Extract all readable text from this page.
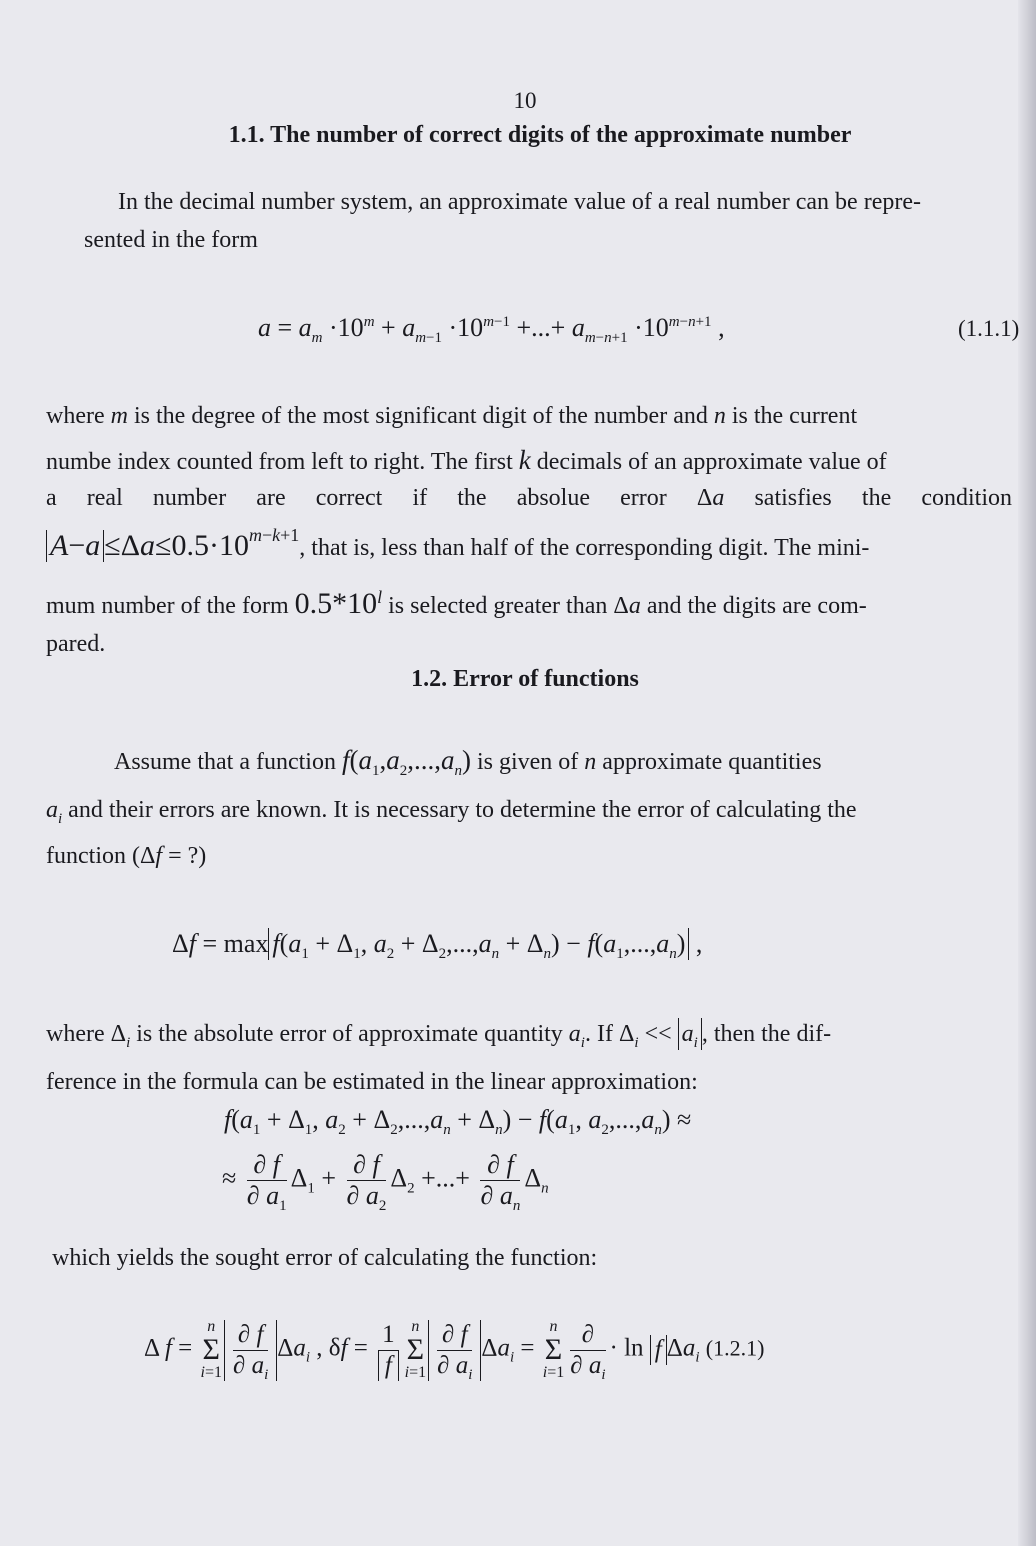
10
1.1. The number of correct digits of the approximate number
In the decimal number system, an approximate value of a real number can be repre-
sented in the form
$a = a_m \cdot 10^m + a_{m-1} \cdot 10^{m-1}$ +...+ $a_{m-n+1} \cdot 10^{m-n+1}$ ,	(1.1.1)
where m is the degree of the most significant digit of the number and n is the current
numbe index counted from left to right. The first k decimals of an approximate value of
a real number are correct if the absolue error Δa satisfies the condition
$A-a \le\Delta a\le 0.5\cdot 10^{m-k+1}$, that is, less than half of the corresponding digit. The mini-
mum number of the form 0.5*10$^l$ is selected greater than Δa and the digits are com-
pared.
1.2. Error of functions
Assume that a function $f(a_1,a_2,...,a_n)$ is given of n approximate quantities
$a_i$ and their errors are known. It is necessary to determine the error of calculating the
function (Δf = ?)
$\Delta f = \max f(a_1 + \Delta_1$, $a_2 + \Delta_2,...,a_n + \Delta_n) - f(a_1,...,a_n)$ ,
where $\Delta_i$ is the absolute error of approximate quantity $a_i$. If $\Delta_i << a_i$ , then the dif-
ference in the formula can be estimated in the linear approximation:
$f(a_1 + \Delta_1$, $a_2 + \Delta_2,...,a_n + \Delta_n) - f(a_1$, $a_2,...,a_n$) ≈
≈ $\frac{\partial f}{\partial a_1} \Delta_1 + \frac{\partial f}{\partial a_2} \Delta_2$ +...+ $\frac{\partial f}{\partial a_n} \Delta_n$
which yields the sought error of calculating the function:
Δ f = n
Σ
$i=1 \frac{\partial f}{\partial a_i} \Delta a_i$ , $\delta f = \frac{1}{f}$ n
Σ
$i=1 \frac{\partial f}{\partial a_i} \Delta a_i = n$
Σ
$i=1 \frac{\partial}{\partial a_i} \cdot \ln f$ $\Delta a_i$ (1.2.1)
